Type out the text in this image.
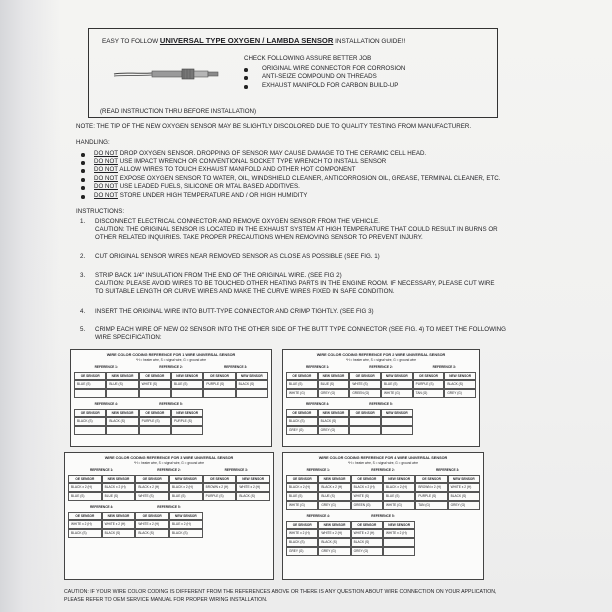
EASY TO FOLLOW UNIVERSAL TYPE OXYGEN / LAMBDA SENSOR INSTALLATION GUIDE!!
CHECK FOLLOWING ASSURE BETTER JOB
ORIGINAL WIRE CONNECTOR FOR CORROSION
ANTI-SEIZE COMPOUND ON THREADS
EXHAUST MANIFOLD FOR CARBON BUILD-UP
(READ INSTRUCTION THRU BEFORE INSTALLATION)
NOTE: THE TIP OF THE NEW OXYGEN SENSOR MAY BE SLIGHTLY DISCOLORED DUE TO QUALITY TESTING FROM MANUFACTURER.
HANDLING:
DO NOT DROP OXYGEN SENSOR. DROPPING OF SENSOR MAY CAUSE DAMAGE TO THE CERAMIC CELL HEAD.
DO NOT USE IMPACT WRENCH OR CONVENTIONAL SOCKET TYPE WRENCH TO INSTALL SENSOR
DO NOT ALLOW WIRES TO TOUCH EXHAUST MANIFOLD AND OTHER HOT COMPONENT
DO NOT EXPOSE OXYGEN SENSOR TO WATER, OIL, WINDSHIELD CLEANER, ANTICORROSION OIL, GREASE, TERMINAL CLEANER, ETC.
DO NOT USE LEADED FUELS, SILICONE OR MTAL BASED ADDITIVES.
DO NOT STORE UNDER HIGH TEMPERATURE AND / OR HIGH HUMIDITY
INSTRUCTIONS:
1. DISCONNECT ELECTRICAL CONNECTOR AND REMOVE OXYGEN SENSOR FROM THE VEHICLE.
CAUTION: THE ORIGINAL SENSOR IS LOCATED IN THE EXHAUST SYSTEM AT HIGH TEMPERATURE THAT COULD RESULT IN BURNS OR
OTHER RELATED INQUIRIES. TAKE PROPER PRECAUTIONS WHEN REMOVING SENSOR TO PREVENT INJURY.
2. CUT ORIGINAL SENSOR WIRES NEAR REMOVED SENSOR AS CLOSE AS POSSIBLE (SEE FIG. 1)
3. STRIP BACK 1/4" INSULATION FROM THE END OF THE ORIGINAL WIRE. (SEE FIG 2)
CAUTION: PLEASE AVOID WIRES TO BE TOUCHED OTHER HEATING PARTS IN THE ENGINE ROOM. IF NECESSARY, PLEASE CUT WIRE
TO SUITABLE LENGTH OR CURVE WIRES AND MAKE THE CURVE WIRES FIXED IN SAFE CONDITION.
4. INSERT THE ORIGINAL WIRE INTO BUTT-TYPE CONNECTOR AND CRIMP TIGHTLY. (SEE FIG 3)
5. CRIMP EACH WIRE OF NEW O2 SENSOR INTO THE OTHER SIDE OF THE BUTT TYPE CONNECTOR (SEE FIG. 4) TO MEET THE FOLLOWING
WIRE SPECIFICATION:
WIRE COLOR CODING REFERENCE FOR 1 WIRE UNIVERSAL SENSOR
*H = heater wire, S = signal wire, G = ground wire
REFERENCE 1:	REFERENCE 2:	REFERENCE 3:
OE SENSOR	NEW SENSOR	OE SENSOR	NEW SENSOR	OE SENSOR	NEW SENSOR
BLUE (S)	BLUE (S)	WHITE (S)	BLUE (S)	PURPLE (S)	BLACK (S)
REFERENCE 4:	REFERENCE 5:
OE SENSOR	NEW SENSOR	OE SENSOR	NEW SENSOR
BLACK (S)	BLACK (S)	PURPLE (S)	PURPLE (S)
WIRE COLOR CODING REFERENCE FOR 2 WIRE UNIVERSAL SENSOR
*H = heater wire, S = signal wire, G = ground wire
REFERENCE 1:	REFERENCE 2:	REFERENCE 3:
OE SENSOR	NEW SENSOR	OE SENSOR	NEW SENSOR	OE SENSOR	NEW SENSOR
BLUE (S)	BLUE (S)	WHITE (S)	BLUE (S)	PURPLE (S)	BLACK (S)
WHITE (G)	GREY (G)	GREEN (G)	WHITE (G)	TAN (G)	GREY (G)
REFERENCE 4:	REFERENCE 5:
OE SENSOR	NEW SENSOR	OE SENSOR	NEW SENSOR
BLACK (S)	BLACK (S)
GREY (G)	GREY (G)
WIRE COLOR CODING REFERENCE FOR 3 WIRE UNIVERSAL SENSOR
*H = heater wire, S = signal wire, G = ground wire
REFERENCE 1:	REFERENCE 2:	REFERENCE 3:
OE SENSOR	NEW SENSOR	OE SENSOR	NEW SENSOR	OE SENSOR	NEW SENSOR
BLACK x 2 (H)	BLACK x 2 (H)	BLACK x 2 (H)	BLACK x 2 (H)	BROWN x 2 (H)	WHITE x 2 (H)
BLUE (S)	BLUE (S)	WHITE (S)	BLUE (S)	PURPLE (S)	BLACK (S)
REFERENCE 4:	REFERENCE 5:
OE SENSOR	NEW SENSOR	OE SENSOR	NEW SENSOR
WHITE x 2 (H)	WHITE x 2 (H)	WHITE x 2 (H)	BLUE x 2 (H)
BLACK (S)	BLACK (S)	BLACK (S)	BLACK (S)
WIRE COLOR CODING REFERENCE FOR 4 WIRE UNIVERSAL SENSOR
*H = heater wire, S = signal wire, G = ground wire
REFERENCE 1:	REFERENCE 2:	REFERENCE 3:
OE SENSOR	NEW SENSOR	OE SENSOR	NEW SENSOR	OE SENSOR	NEW SENSOR
BLACK x 2 (H)	BLACK x 2 (H)	BLACK x 2 (H)	BLACK x 2 (H)	BROWN x 2 (H)	WHITE x 2 (H)
BLUE (S)	BLUE (S)	WHITE (S)	BLUE (S)	PURPLE (S)	BLACK (S)
WHITE (G)	GREY (G)	GREEN (G)	WHITE (G)	TAN (G)	GREY (G)
REFERENCE 4:	REFERENCE 5:
OE SENSOR	NEW SENSOR	OE SENSOR	NEW SENSOR
WHITE x 2 (H)	WHITE x 2 (H)	WHITE x 2 (H)	WHITE x 2 (H)
BLACK (S)	BLACK (S)	BLACK (S)
GREY (G)	GREY (G)	GREY (G)
CAUTION: IF YOUR WIRE COLOR CODING IS DIFFERENT FROM THE REFERENCES ABOVE OR THERE IS ANY QUESTION ABOUT WIRE CONNECTION ON YOUR APPLICATION,
PLEASE REFER TO OEM SERVICE MANUAL FOR PROPER WIRING INSTALLATION.
